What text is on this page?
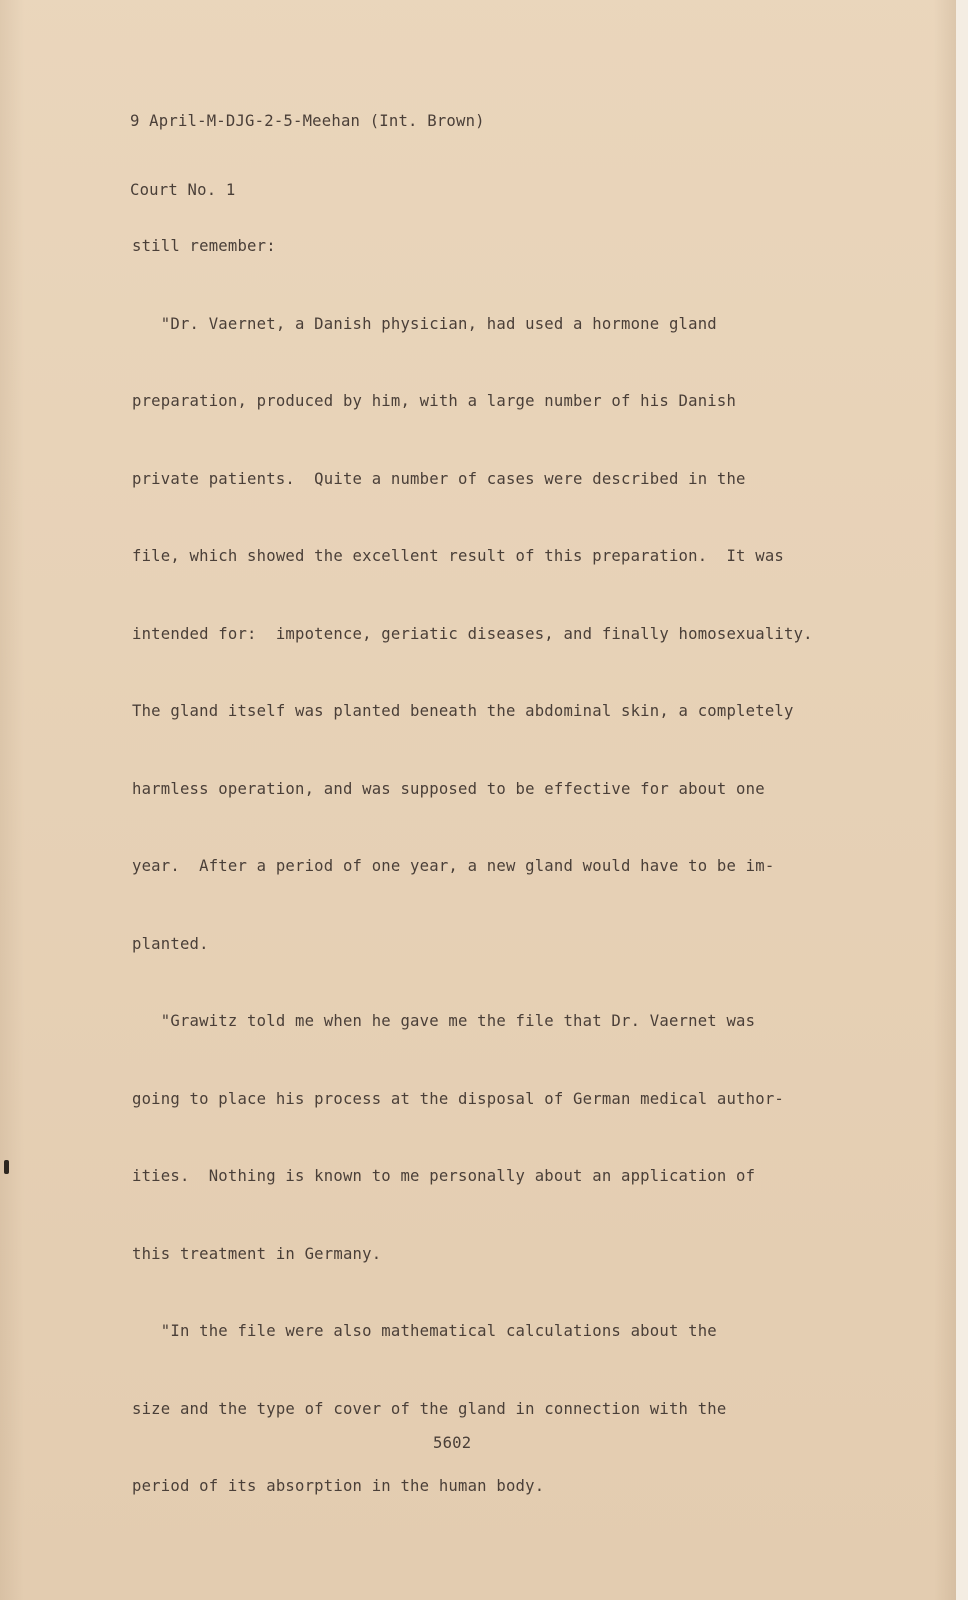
9 April-M-DJG-2-5-Meehan (Int. Brown)

Court No. 1

still remember:

"Dr. Vaernet, a Danish physician, had used a hormone gland

preparation, produced by him, with a large number of his Danish

private patients.  Quite a number of cases were described in the

file, which showed the excellent result of this preparation.  It was

intended for:  impotence, geriatic diseases, and finally homosexuality.

The gland itself was planted beneath the abdominal skin, a completely

harmless operation, and was supposed to be effective for about one

year.  After a period of one year, a new gland would have to be im-

planted.

"Grawitz told me when he gave me the file that Dr. Vaernet was

going to place his process at the disposal of German medical author-

ities.  Nothing is known to me personally about an application of

this treatment in Germany.

"In the file were also mathematical calculations about the

size and the type of cover of the gland in connection with the

period of its absorption in the human body.

5602
